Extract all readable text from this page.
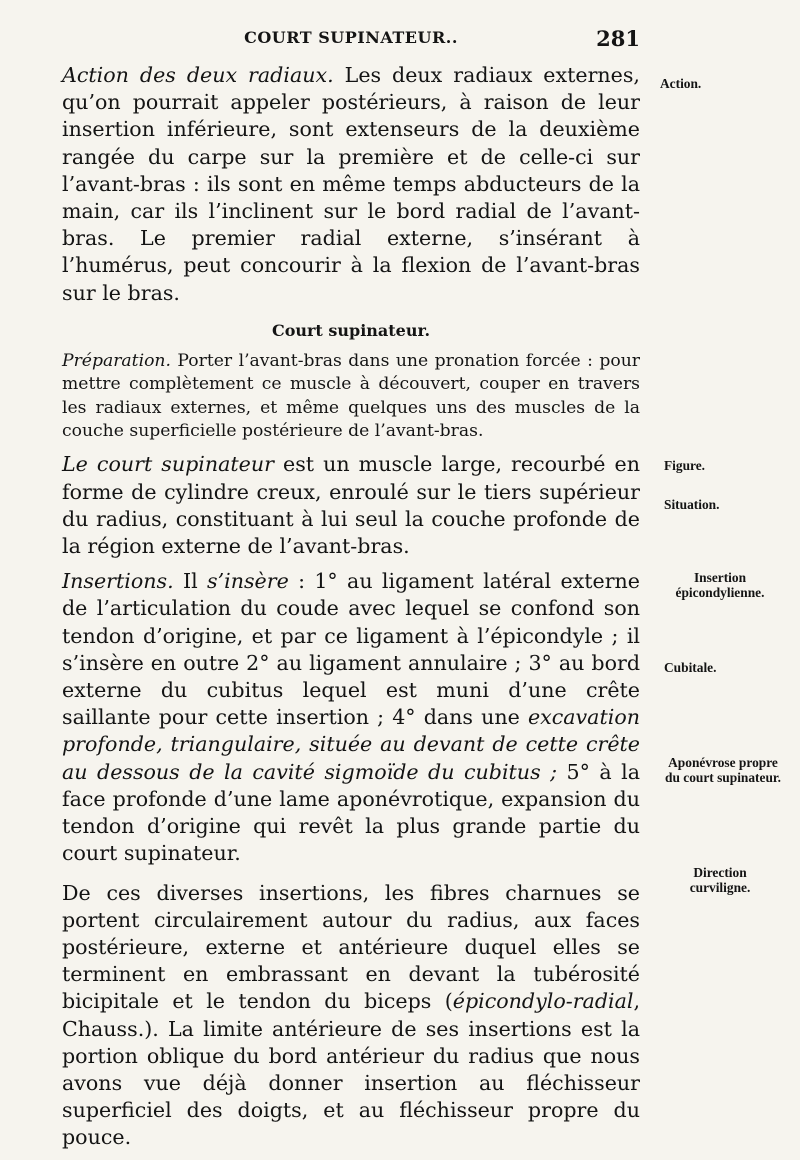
COURT SUPINATEUR..	281

Action des deux radiaux. Les deux radiaux externes, qu’on pourrait appeler postérieurs, à raison de leur insertion inférieure, sont extenseurs de la deuxième rangée du carpe sur la première et de celle-ci sur l’avant-bras : ils sont en même temps abducteurs de la main, car ils l’inclinent sur le bord radial de l’avant-bras. Le premier radial externe, s’insérant à l’humérus, peut concourir à la flexion de l’avant-bras sur le bras.

Court supinateur.

Préparation. Porter l’avant-bras dans une pronation forcée : pour mettre complètement ce muscle à découvert, couper en travers les radiaux externes, et même quelques uns des muscles de la couche superficielle postérieure de l’avant-bras.

Le court supinateur est un muscle large, recourbé en forme de cylindre creux, enroulé sur le tiers supérieur du radius, constituant à lui seul la couche profonde de la région externe de l’avant-bras.

Insertions. Il s’insère : 1° au ligament latéral externe de l’articulation du coude avec lequel se confond son tendon d’origine, et par ce ligament à l’épicondyle ; il s’insère en outre 2° au ligament annulaire ; 3° au bord externe du cubitus lequel est muni d’une crête saillante pour cette insertion ; 4° dans une excavation profonde, triangulaire, située au devant de cette crête au dessous de la cavité sigmoïde du cubitus ; 5° à la face profonde d’une lame aponévrotique, expansion du tendon d’origine qui revêt la plus grande partie du court supinateur.

De ces diverses insertions, les fibres charnues se portent circulairement autour du radius, aux faces postérieure, externe et antérieure duquel elles se terminent en embrassant en devant la tubérosité bicipitale et le tendon du biceps (épicondylo-radial, Chauss.). La limite antérieure de ses insertions est la portion oblique du bord antérieur du radius que nous avons vue déjà donner insertion au fléchisseur superficiel des doigts, et au fléchisseur propre du pouce.

Action.
Figure.
Situation.
Insertion épicondylienne.
Cubitale.
Aponévrose propre du court supinateur.
Direction curviligne.
